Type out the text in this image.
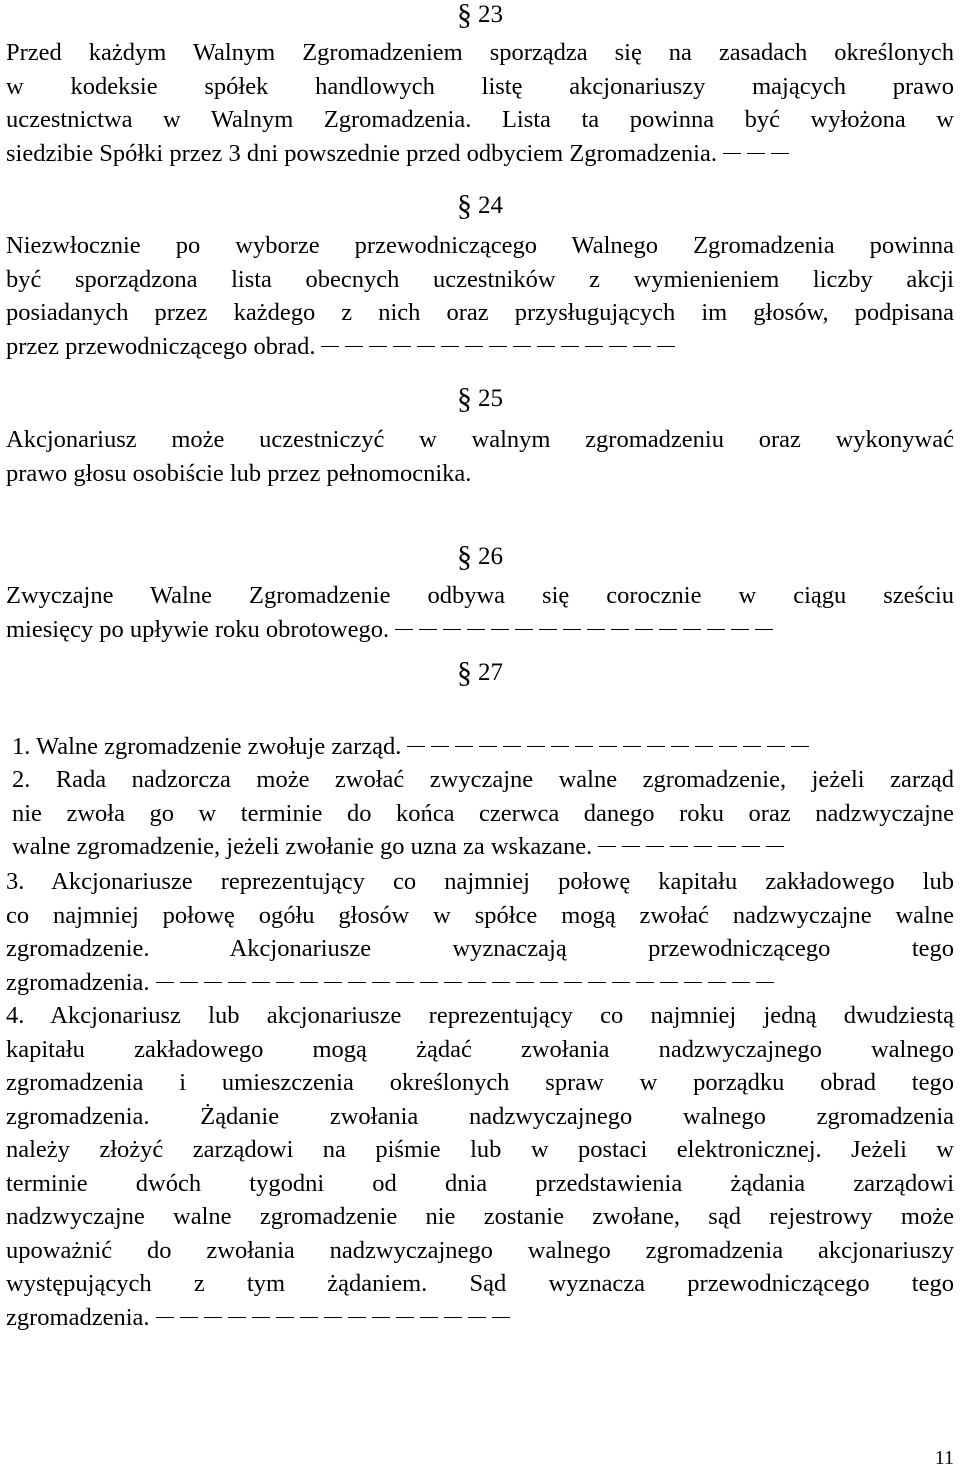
§ 23
Przed każdym Walnym Zgromadzeniem sporządza się na zasadach określonych
w kodeksie spółek handlowych listę akcjonariuszy mających prawo
uczestnictwa w Walnym Zgromadzenia. Lista ta powinna być wyłożona w
siedzibie Spółki przez 3 dni powszednie przed odbyciem Zgromadzenia.
§ 24
Niezwłocznie po wyborze przewodniczącego Walnego Zgromadzenia powinna
być sporządzona lista obecnych uczestników z wymienieniem liczby akcji
posiadanych przez każdego z nich oraz przysługujących im głosów, podpisana
przez przewodniczącego obrad.
§ 25
Akcjonariusz może uczestniczyć w walnym zgromadzeniu oraz wykonywać
prawo głosu osobiście lub przez pełnomocnika.
§ 26
Zwyczajne Walne Zgromadzenie odbywa się corocznie w ciągu sześciu
miesięcy po upływie roku obrotowego.
§ 27
1. Walne zgromadzenie zwołuje zarząd.
2. Rada nadzorcza może zwołać zwyczajne walne zgromadzenie, jeżeli zarząd
nie zwoła go w terminie do końca czerwca danego roku oraz nadzwyczajne
walne zgromadzenie, jeżeli zwołanie go uzna za wskazane.
3. Akcjonariusze reprezentujący co najmniej połowę kapitału zakładowego lub
co najmniej połowę ogółu głosów w spółce mogą zwołać nadzwyczajne walne
zgromadzenie. Akcjonariusze wyznaczają przewodniczącego tego
zgromadzenia.
4. Akcjonariusz lub akcjonariusze reprezentujący co najmniej jedną dwudziestą
kapitału zakładowego mogą żądać zwołania nadzwyczajnego walnego
zgromadzenia i umieszczenia określonych spraw w porządku obrad tego
zgromadzenia. Żądanie zwołania nadzwyczajnego walnego zgromadzenia
należy złożyć zarządowi na piśmie lub w postaci elektronicznej. Jeżeli w
terminie dwóch tygodni od dnia przedstawienia żądania zarządowi
nadzwyczajne walne zgromadzenie nie zostanie zwołane, sąd rejestrowy może
upoważnić do zwołania nadzwyczajnego walnego zgromadzenia akcjonariuszy
występujących z tym żądaniem. Sąd wyznacza przewodniczącego tego
zgromadzenia.
11
